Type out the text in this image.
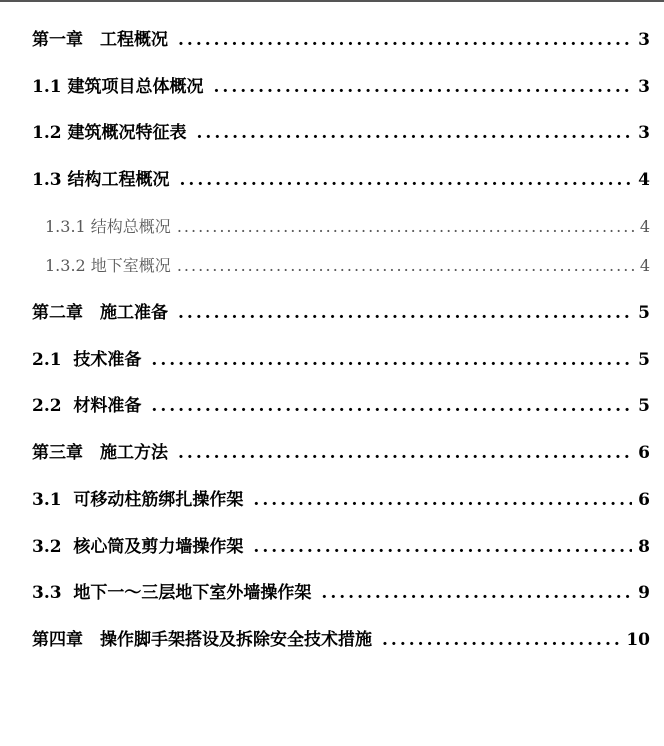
第一章　工程概况 .....	3
1.1 建筑项目总体概况 .....	3
1.2 建筑概况特征表 .....	3
1.3 结构工程概况 .....	4
1.3.1 结构总概况 .....	4
1.3.2 地下室概况 .....	4
第二章　施工准备 .....	5
2.1  技术准备 .....	5
2.2  材料准备 .....	5
第三章　施工方法 .....	6
3.1  可移动柱筋绑扎操作架 .....	6
3.2  核心筒及剪力墙操作架 .....	8
3.3  地下一～三层地下室外墙操作架 .....	9
第四章　操作脚手架搭设及拆除安全技术措施 .....	10
